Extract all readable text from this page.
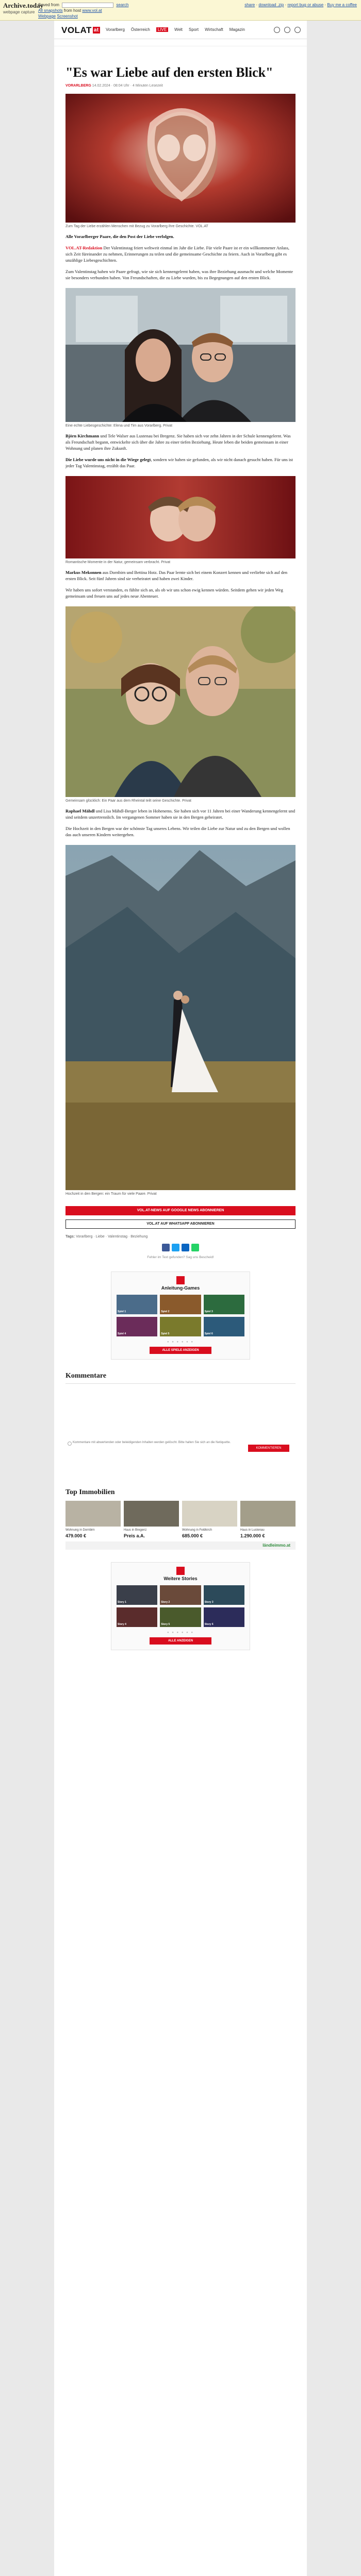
Archive.today
webpage capture
Saved from	search
All snapshots from host www.vol.at
Webpage Screenshot
share · download .zip · report bug or abuse · Buy me a coffee
VOLAT at Vorarlberg Österreich	LIVE	Welt Sport Wirtschaft Magazin
"Es war Liebe auf den ersten Blick"
VORARLBERG 14.02.2024 · 08:04 Uhr · 4 Minuten Lesezeit
Zum Tag der Liebe erzählen Menschen mit Bezug zu Vorarlberg ihre Geschichte. VOL.AT

Alle Vorarlberger Paare, die den Post der Liebe verfolgen.

VOL.AT-Redaktion Der Valentinstag feiert weltweit einmal im Jahr die Liebe. Für viele Paare ist er ein willkommener Anlass, sich Zeit füreinander zu nehmen, Erinnerungen zu teilen und die gemeinsame Geschichte zu feiern. Auch in Vorarlberg gibt es unzählige Liebesgeschichten.

Zum Valentinstag haben wir Paare gefragt, wie sie sich kennengelernt haben, was ihre Beziehung ausmacht und welche Momente sie besonders verbunden haben. Von Freundschaften, die zu Liebe wurden, bis zu Begegnungen auf den ersten Blick.

Eine echte Liebesgeschichte: Elena und Tim aus Vorarlberg. Privat

Björn Kirchmann und Tele Walser aus Lustenau bei Bregenz. Sie haben sich vor zehn Jahren in der Schule kennengelernt. Was als Freundschaft begann, entwickelte sich über die Jahre zu einer tiefen Beziehung. Heute leben die beiden gemeinsam in einer Wohnung und planen ihre Zukunft.

Die Liebe wurde uns nicht in die Wiege gelegt, sondern wir haben sie gefunden, als wir nicht danach gesucht haben. Für uns ist jeder Tag Valentinstag, erzählt das Paar.

Romantische Momente in der Natur, gemeinsam verbracht. Privat

Markus Mekonnen aus Dornbirn und Bettina Hotz. Das Paar lernte sich bei einem Konzert kennen und verliebte sich auf den ersten Blick. Seit fünf Jahren sind sie verheiratet und haben zwei Kinder.

Wir haben uns sofort verstanden, es fühlte sich an, als ob wir uns schon ewig kennen würden. Seitdem gehen wir jeden Weg gemeinsam und freuen uns auf jedes neue Abenteuer.

Gemeinsam glücklich: Ein Paar aus dem Rheintal teilt seine Geschichte. Privat

Raphael Mähdl und Lisa Mähdl-Berger leben in Hohenems. Sie haben sich vor 11 Jahren bei einer Wanderung kennengelernt und sind seitdem unzertrennlich. Im vergangenen Sommer haben sie in den Bergen geheiratet.

Die Hochzeit in den Bergen war der schönste Tag unseres Lebens. Wir teilen die Liebe zur Natur und zu den Bergen und wollen das auch unseren Kindern weitergeben.

Hochzeit in den Bergen: ein Traum für viele Paare. Privat
VOL.AT-NEWS AUF GOOGLE NEWS ABONNIEREN
VOL.AT AUF WHATSAPP ABONNIEREN
Tags: Vorarlberg · Liebe · Valentinstag · Beziehung
Fehler im Text gefunden? Sag uns Bescheid!
Anleitung-Games
Spiel 1	Spiel 2	Spiel 3
Spiel 4	Spiel 5	Spiel 6
● ● ● ● ● ●
ALLE SPIELE ANZEIGEN
Kommentare
Kommentare mit abwertenden oder beleidigenden Inhalten werden gelöscht. Bitte halten Sie sich an die Netiquette.
KOMMENTIEREN
Top Immobilien
Wohnung in Dornbirn
479.000 €
Haus in Bregenz
Preis a.A.
Wohnung in Feldkirch
685.000 €
Haus in Lustenau
1.290.000 €
ländleimmo.at
Weitere Stories
Story 1	Story 2	Story 3
Story 4	Story 5	Story 6
● ● ● ● ● ●
ALLE ANZEIGEN
